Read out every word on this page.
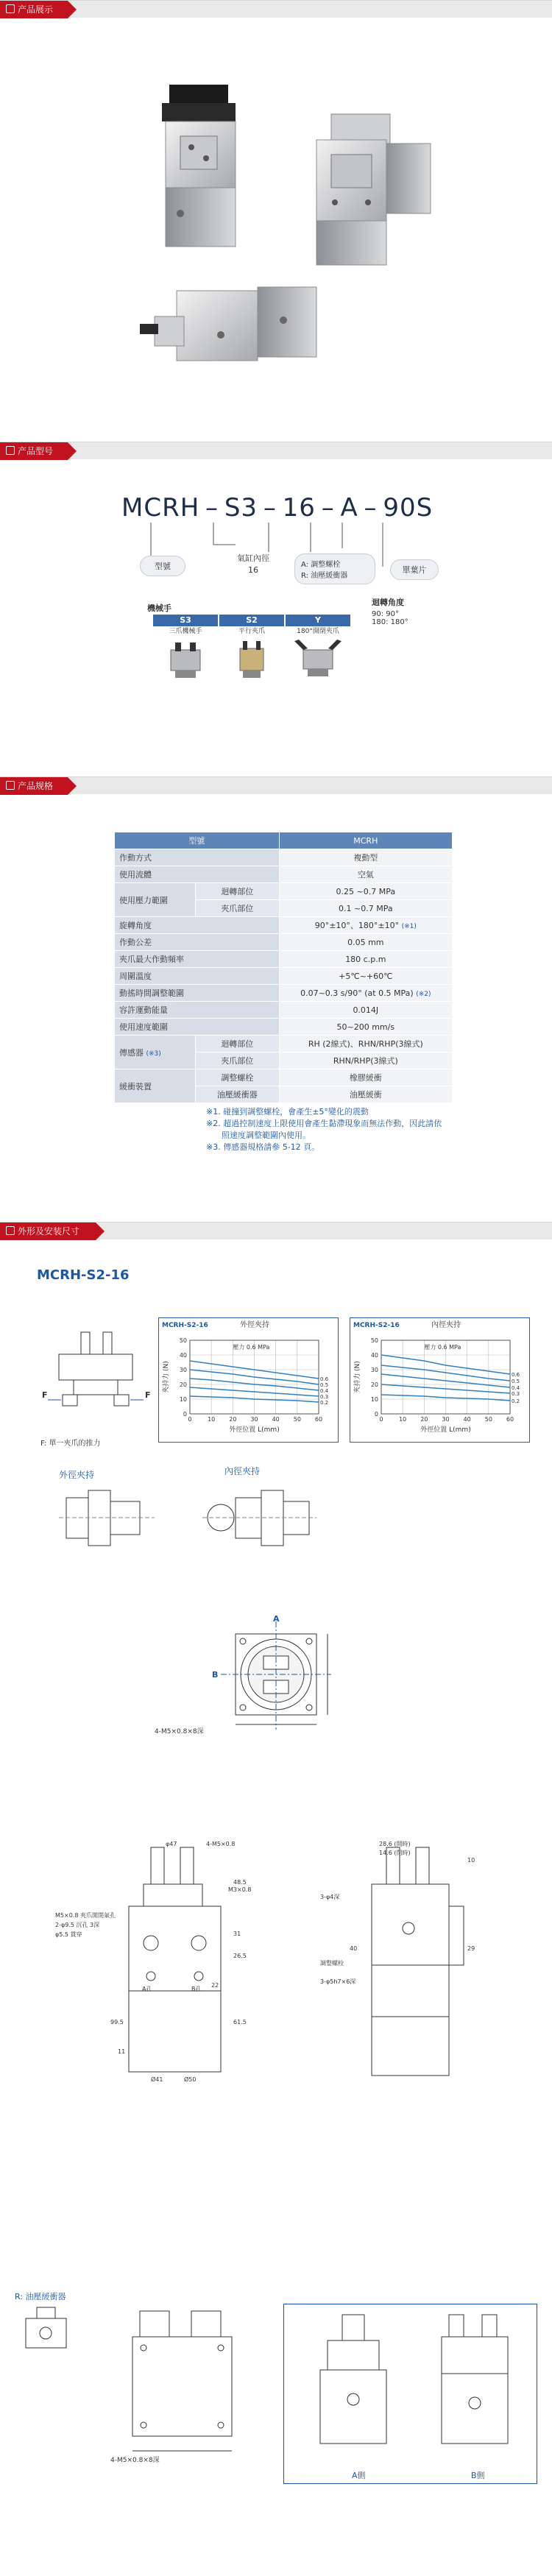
产品展示
产品型号
MCRH – S3 – 16 – A – 90S
型號
氣缸內徑
16
A: 調整螺栓
R: 油壓緩衝器
單葉片
迴轉角度
90: 90°
180: 180°
機械手
S3
三爪機械手
S2
平行夾爪
Y
180°開閉夾爪
产品规格
型號		MCRH
作動方式		複動型
使用流體		空氣
使用壓力範圍	迴轉部位	0.25 ~0.7 MPa
	夾爪部位	0.1 ~0.7 MPa
旋轉角度		90°±10°、180°±10° (※1)
作動公差		0.05 mm
夾爪最大作動頻率		180 c.p.m
周圍溫度		+5℃~+60℃
動搖時間調整範圍		0.07~0.3 s/90° (at 0.5 MPa) (※2)
容許運動能量		0.014J
使用速度範圍		50~200 mm/s
傳感器 (※3)	迴轉部位	RH (2線式)、RHN/RHP(3線式)
	夾爪部位	RHN/RHP(3線式)
緩衝裝置	調整螺栓	橡膠緩衝
	油壓緩衝器	油壓緩衝
※1. 碰撞到調整螺栓，會產生±5°變化的震動
※2. 超過控制速度上限使用會產生黏滯現象而無法作動，因此請依
照速度調整範圍內使用。
※3. 傳感器規格請參 5-12 頁。
外形及安装尺寸
MCRH-S2-16
F	F
F: 單一夾爪的推力
MCRH-S2-16	外徑夾持
0
10
20
30
40
50
0	10 20 30 40 50 60
0.6
0.5
0.4
0.3
0.2
壓力 0.6 MPa
外徑位置 L(mm)
夾持力 (N)
MCRH-S2-16	內徑夾持
0
10
20
30
40
50
0	10 20 30 40 50 60
0.6
0.5
0.4
0.3
0.2
壓力 0.6 MPa
外徑位置 L(mm)
夾持力 (N)
外徑夾持	內徑夾持
A
B
4-M5×0.8×8深
φ47	4-M5×0.8
M3×0.8
M5×0.8 夾爪開閉氣孔
2-φ9.5 沉孔 3深
φ5.5 貫穿
99.5	61.5
48.5
40
31
26.5
22
Ø41	Ø50
11
A孔	B孔
3-φ4深
3-φ5h7×6深
調整螺栓
28.6 (開時)
14.6 (閉時)
10
29
R: 油壓緩衝器
4-M5×0.8×8深
A側	B側
